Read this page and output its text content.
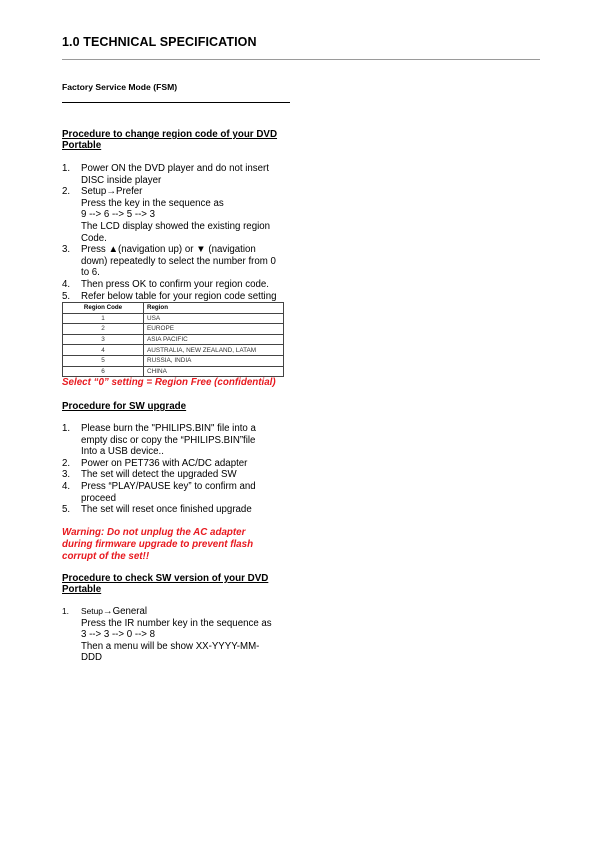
1.0 TECHNICAL SPECIFICATION
Factory Service Mode (FSM)
Procedure to change region code of your DVD
Portable
1. Power ON the DVD player and do not insert
DISC inside player
2. Setup→Prefer
Press the key in the sequence as
9 --> 6 --> 5 --> 3
The LCD display showed the existing region
Code.
3. Press ▲(navigation up) or ▼ (navigation
down) repeatedly to select the number from 0
to 6.
4. Then press OK to confirm your region code.
5. Refer below table for your region code setting
Region Code	Region
1	USA
2	EUROPE
3	ASIA PACIFIC
4	AUSTRALIA, NEW ZEALAND, LATAM
5	RUSSIA, INDIA
6	CHINA
Select “0” setting = Region Free (confidential)
Procedure for SW upgrade
1. Please burn the "PHILIPS.BIN" file into a
empty disc or copy the “PHILIPS.BIN”file
Into a USB device..
2. Power on PET736 with AC/DC adapter
3. The set will detect the upgraded SW
4. Press “PLAY/PAUSE key” to confirm and
proceed
5. The set will reset once finished upgrade
Warning: Do not unplug the AC adapter
during firmware upgrade to prevent flash
corrupt of the set!!
Procedure to check SW version of your DVD
Portable
1. Setup→General
Press the IR number key in the sequence as
3 --> 3 --> 0 --> 8
Then a menu will be show XX-YYYY-MM-
DDD
